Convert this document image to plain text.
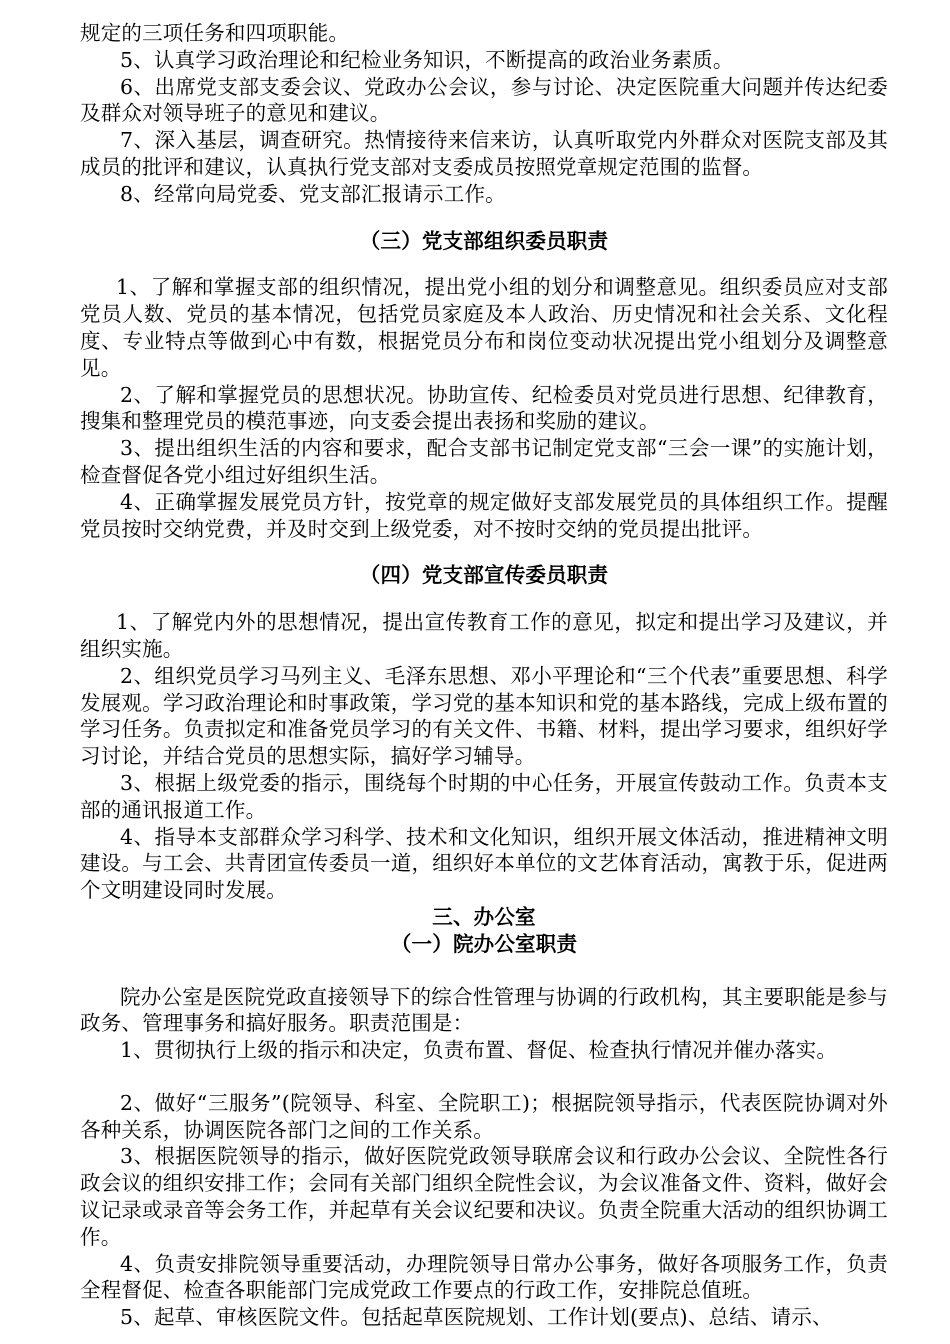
规定的三项任务和四项职能。

5、认真学习政治理论和纪检业务知识，不断提高的政治业务素质。

6、出席党支部支委会议、党政办公会议，参与讨论、决定医院重大问题并传达纪委及群众对领导班子的意见和建议。

7、深入基层，调查研究。热情接待来信来访，认真听取党内外群众对医院支部及其成员的批评和建议，认真执行党支部对支委成员按照党章规定范围的监督。

8、经常向局党委、党支部汇报请示工作。

（三）党支部组织委员职责

1、了解和掌握支部的组织情况，提出党小组的划分和调整意见。组织委员应对支部党员人数、党员的基本情况，包括党员家庭及本人政治、历史情况和社会关系、文化程度、专业特点等做到心中有数，根据党员分布和岗位变动状况提出党小组划分及调整意见。

2、了解和掌握党员的思想状况。协助宣传、纪检委员对党员进行思想、纪律教育，搜集和整理党员的模范事迹，向支委会提出表扬和奖励的建议。

3、提出组织生活的内容和要求，配合支部书记制定党支部“三会一课”的实施计划，检查督促各党小组过好组织生活。

4、正确掌握发展党员方针，按党章的规定做好支部发展党员的具体组织工作。提醒党员按时交纳党费，并及时交到上级党委，对不按时交纳的党员提出批评。

（四）党支部宣传委员职责

1、了解党内外的思想情况，提出宣传教育工作的意见，拟定和提出学习及建议，并组织实施。

2、组织党员学习马列主义、毛泽东思想、邓小平理论和“三个代表”重要思想、科学发展观。学习政治理论和时事政策，学习党的基本知识和党的基本路线，完成上级布置的学习任务。负责拟定和准备党员学习的有关文件、书籍、材料，提出学习要求，组织好学习讨论，并结合党员的思想实际，搞好学习辅导。

3、根据上级党委的指示，围绕每个时期的中心任务，开展宣传鼓动工作。负责本支部的通讯报道工作。

4、指导本支部群众学习科学、技术和文化知识，组织开展文体活动，推进精神文明建设。与工会、共青团宣传委员一道，组织好本单位的文艺体育活动，寓教于乐，促进两个文明建设同时发展。

三、办公室
（一）院办公室职责

院办公室是医院党政直接领导下的综合性管理与协调的行政机构，其主要职能是参与政务、管理事务和搞好服务。职责范围是：

1、贯彻执行上级的指示和决定，负责布置、督促、检查执行情况并催办落实。

2、做好“三服务”(院领导、科室、全院职工)；根据院领导指示，代表医院协调对外各种关系，协调医院各部门之间的工作关系。

3、根据医院领导的指示，做好医院党政领导联席会议和行政办公会议、全院性各行政会议的组织安排工作；会同有关部门组织全院性会议，为会议准备文件、资料，做好会议记录或录音等会务工作，并起草有关会议纪要和决议。负责全院重大活动的组织协调工作。

4、负责安排院领导重要活动，办理院领导日常办公事务，做好各项服务工作，负责全程督促、检查各职能部门完成党政工作要点的行政工作，安排院总值班。

5、起草、审核医院文件。包括起草医院规划、工作计划(要点)、总结、请示、
